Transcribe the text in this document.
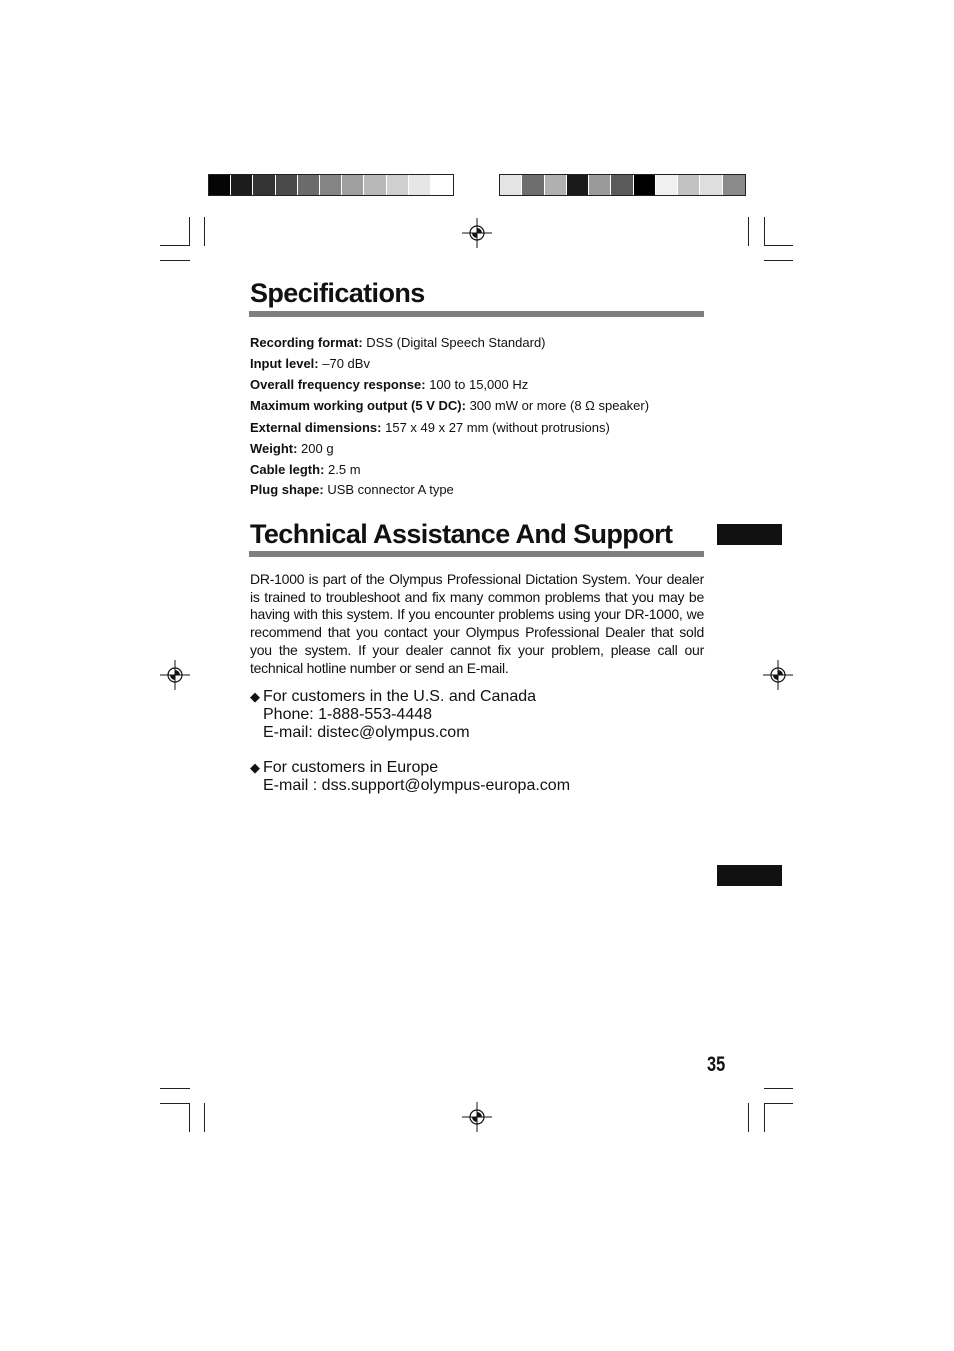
Specifications
Recording format: DSS (Digital Speech Standard)
Input level: –70 dBv
Overall frequency response: 100 to 15,000 Hz
Maximum working output (5 V DC): 300 mW or more (8 Ω speaker)
External dimensions: 157 x 49 x 27 mm (without protrusions)
Weight: 200 g
Cable legth: 2.5 m
Plug shape: USB connector A type
Technical Assistance And Support

DR-1000 is part of the Olympus Professional Dictation System. Your dealer is trained to troubleshoot and fix many common problems that you may be having with this system. If you encounter problems using your DR-1000, we recommend that you contact your Olympus Professional Dealer that sold you the system. If your dealer cannot fix your problem, please call our technical hotline number or send an E-mail.

◆ For customers in the U.S. and Canada
Phone: 1-888-553-4448
E-mail: distec@olympus.com
◆ For customers in Europe
E-mail : dss.support@olympus-europa.com
35
